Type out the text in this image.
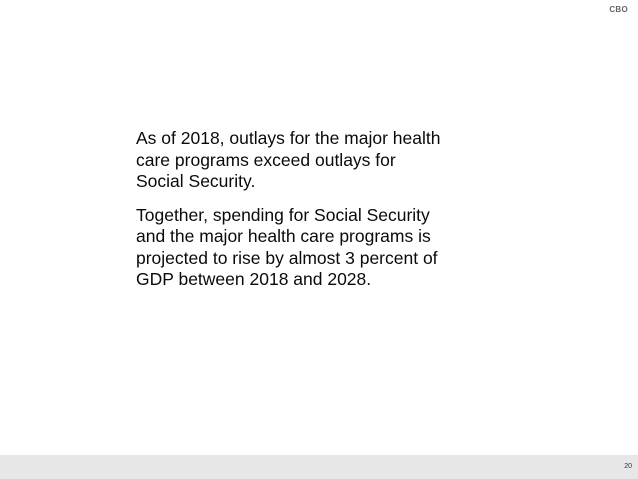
CBO

As of 2018, outlays for the major health
care programs exceed outlays for
Social Security.

Together, spending for Social Security
and the major health care programs is
projected to rise by almost 3 percent of
GDP between 2018 and 2028.

20
